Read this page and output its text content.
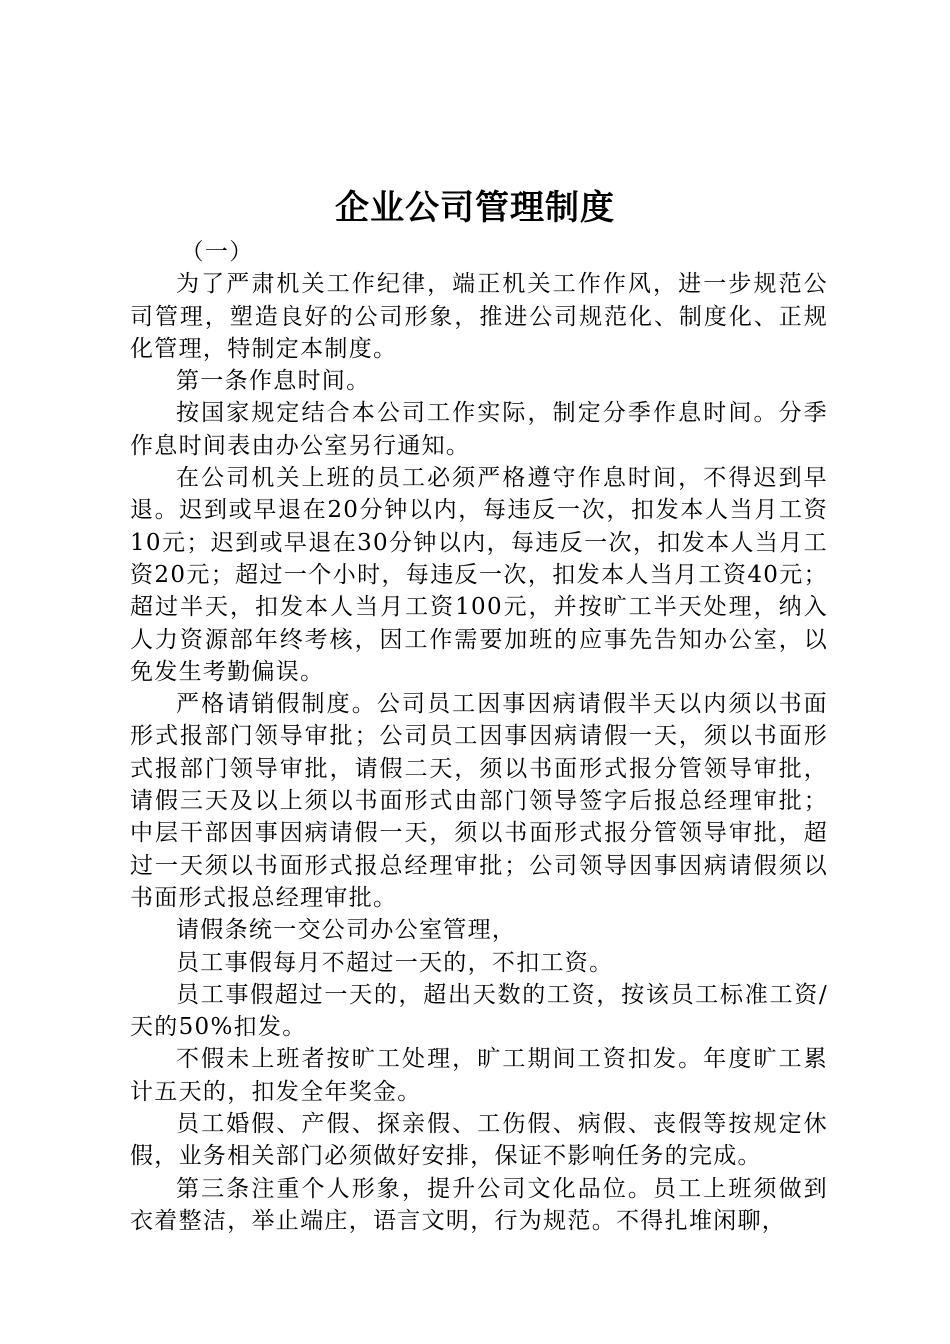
企业公司管理制度

（一）

为了严肃机关工作纪律，端正机关工作作风，进一步规范公司管理，塑造良好的公司形象，推进公司规范化、制度化、正规化管理，特制定本制度。

第一条作息时间。

按国家规定结合本公司工作实际，制定分季作息时间。分季作息时间表由办公室另行通知。

在公司机关上班的员工必须严格遵守作息时间，不得迟到早退。迟到或早退在20分钟以内，每违反一次，扣发本人当月工资10元；迟到或早退在30分钟以内，每违反一次，扣发本人当月工资20元；超过一个小时，每违反一次，扣发本人当月工资40元；超过半天，扣发本人当月工资100元，并按旷工半天处理，纳入人力资源部年终考核，因工作需要加班的应事先告知办公室，以免发生考勤偏误。

严格请销假制度。公司员工因事因病请假半天以内须以书面形式报部门领导审批；公司员工因事因病请假一天，须以书面形式报部门领导审批，请假二天，须以书面形式报分管领导审批，请假三天及以上须以书面形式由部门领导签字后报总经理审批；中层干部因事因病请假一天，须以书面形式报分管领导审批，超过一天须以书面形式报总经理审批；公司领导因事因病请假须以书面形式报总经理审批。

请假条统一交公司办公室管理，

员工事假每月不超过一天的，不扣工资。

员工事假超过一天的，超出天数的工资，按该员工标准工资/天的50%扣发。

不假未上班者按旷工处理，旷工期间工资扣发。年度旷工累计五天的，扣发全年奖金。

员工婚假、产假、探亲假、工伤假、病假、丧假等按规定休假，业务相关部门必须做好安排，保证不影响任务的完成。

第三条注重个人形象，提升公司文化品位。员工上班须做到衣着整洁，举止端庄，语言文明，行为规范。不得扎堆闲聊，
